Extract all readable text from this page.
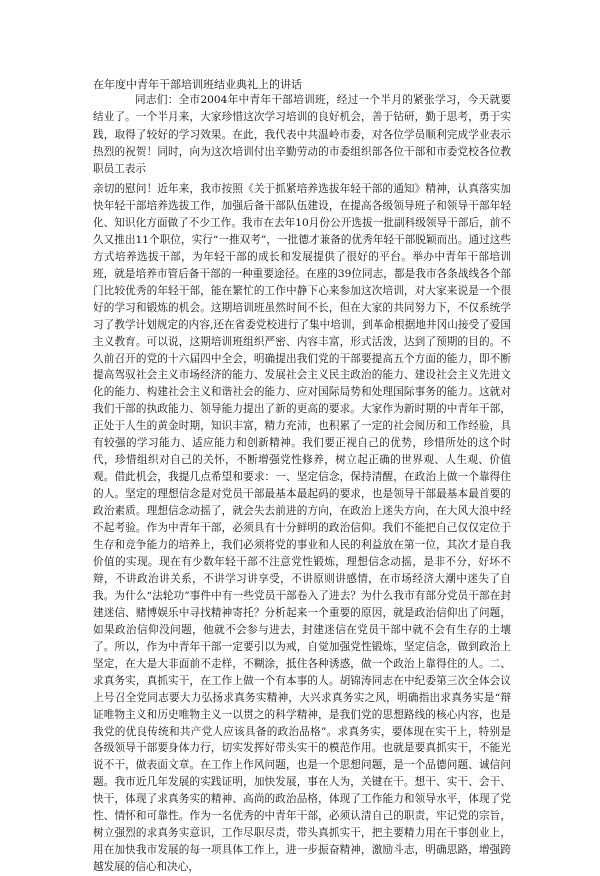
在年度中青年干部培训班结业典礼上的讲话

同志们：全市2004年中青年干部培训班，经过一个半月的紧张学习，今天就要结业了。一个半月来，大家珍惜这次学习培训的良好机会，善于钻研，勤于思考，勇于实践，取得了较好的学习效果。在此，我代表中共温岭市委，对各位学员顺利完成学业表示热烈的祝贺！同时，向为这次培训付出辛勤劳动的市委组织部各位干部和市委党校各位教职员工表示

亲切的慰问！近年来，我市按照《关于抓紧培养选拔年轻干部的通知》精神，认真落实加快年轻干部培养选拔工作，加强后备干部队伍建设，在提高各级领导班子和领导干部年轻化、知识化方面做了不少工作。我市在去年10月份公开选拔一批副科级领导干部后，前不久又推出11个职位，实行“一推双考”，一批德才兼备的优秀年轻干部脱颖而出。通过这些方式培养选拔干部，为年轻干部的成长和发展提供了很好的平台。举办中青年干部培训班，就是培养市管后备干部的一种重要途径。在座的39位同志，都是我市各条战线各个部门比较优秀的年轻干部，能在繁忙的工作中静下心来参加这次培训，对大家来说是一个很好的学习和锻炼的机会。这期培训班虽然时间不长，但在大家的共同努力下，不仅系统学习了教学计划规定的内容,还在省委党校进行了集中培训，到革命根据地井冈山接受了爱国主义教育。可以说，这期培训班组织严密、内容丰富，形式活泼，达到了预期的目的。不久前召开的党的十六届四中全会，明确提出我们党的干部要提高五个方面的能力，即不断提高驾驭社会主义市场经济的能力、发展社会主义民主政治的能力、建设社会主义先进文化的能力、构建社会主义和谐社会的能力、应对国际局势和处理国际事务的能力。这就对我们干部的执政能力、领导能力提出了新的更高的要求。大家作为新时期的中青年干部，正处于人生的黄金时期，知识丰富，精力充沛，也积累了一定的社会阅历和工作经验，具有较强的学习能力、适应能力和创新精神。我们要正视自己的优势，珍惜所处的这个时代，珍惜组织对自己的关怀，不断增强党性修养，树立起正确的世界观、人生观、价值观。借此机会，我提几点希望和要求：一、坚定信念，保持清醒，在政治上做一个靠得住的人。坚定的理想信念是对党员干部最基本最起码的要求，也是领导干部最基本最首要的政治素质。理想信念动摇了，就会失去前进的方向，在政治上迷失方向，在大风大浪中经不起考验。作为中青年干部，必须具有十分鲜明的政治信仰。我们不能把自己仅仅定位于生存和竞争能力的培养上，我们必须将党的事业和人民的利益放在第一位，其次才是自我价值的实现。现在有少数年轻干部不注意党性锻炼，理想信念动摇，是非不分，好坏不辩，不讲政治讲关系，不讲学习讲享受，不讲原则讲感情，在市场经济大潮中迷失了自我。为什么“法轮功”事件中有一些党员干部卷入了进去？为什么我市有部分党员干部在封建迷信、赌博娱乐中寻找精神寄托？分析起来一个重要的原因，就是政治信仰出了问题，如果政治信仰没问题，他就不会参与进去，封建迷信在党员干部中就不会有生存的土壤了。所以，作为中青年干部一定要引以为戒，自觉加强党性锻炼，坚定信念，做到政治上坚定，在大是大非面前不走样，不糊涂，抵住各种诱惑，做一个政治上靠得住的人。二、求真务实，真抓实干，在工作上做一个有本事的人。胡锦涛同志在中纪委第三次全体会议上号召全党同志要大力弘扬求真务实精神，大兴求真务实之风，明确指出求真务实是“辩证唯物主义和历史唯物主义一以贯之的科学精神，是我们党的思想路线的核心内容，也是我党的优良传统和共产党人应该具备的政治品格”。求真务实，要体现在实干上，特别是各级领导干部要身体力行，切实发挥好带头实干的模范作用。也就是要真抓实干，不能光说不干，做表面文章。在工作上作风问题，也是一个思想问题，是一个品德问题、诚信问题。我市近几年发展的实践证明，加快发展，事在人为，关键在干。想干、实干、会干、快干，体现了求真务实的精神、高尚的政治品格，体现了工作能力和领导水平，体现了党性、情怀和可靠性。作为一名优秀的中青年干部，必须认清自己的职责，牢记党的宗旨，树立强烈的求真务实意识，工作尽职尽责，带头真抓实干，把主要精力用在干事创业上，用在加快我市发展的每一项具体工作上，进一步振奋精神，激励斗志，明确思路，增强跨越发展的信心和决心，
